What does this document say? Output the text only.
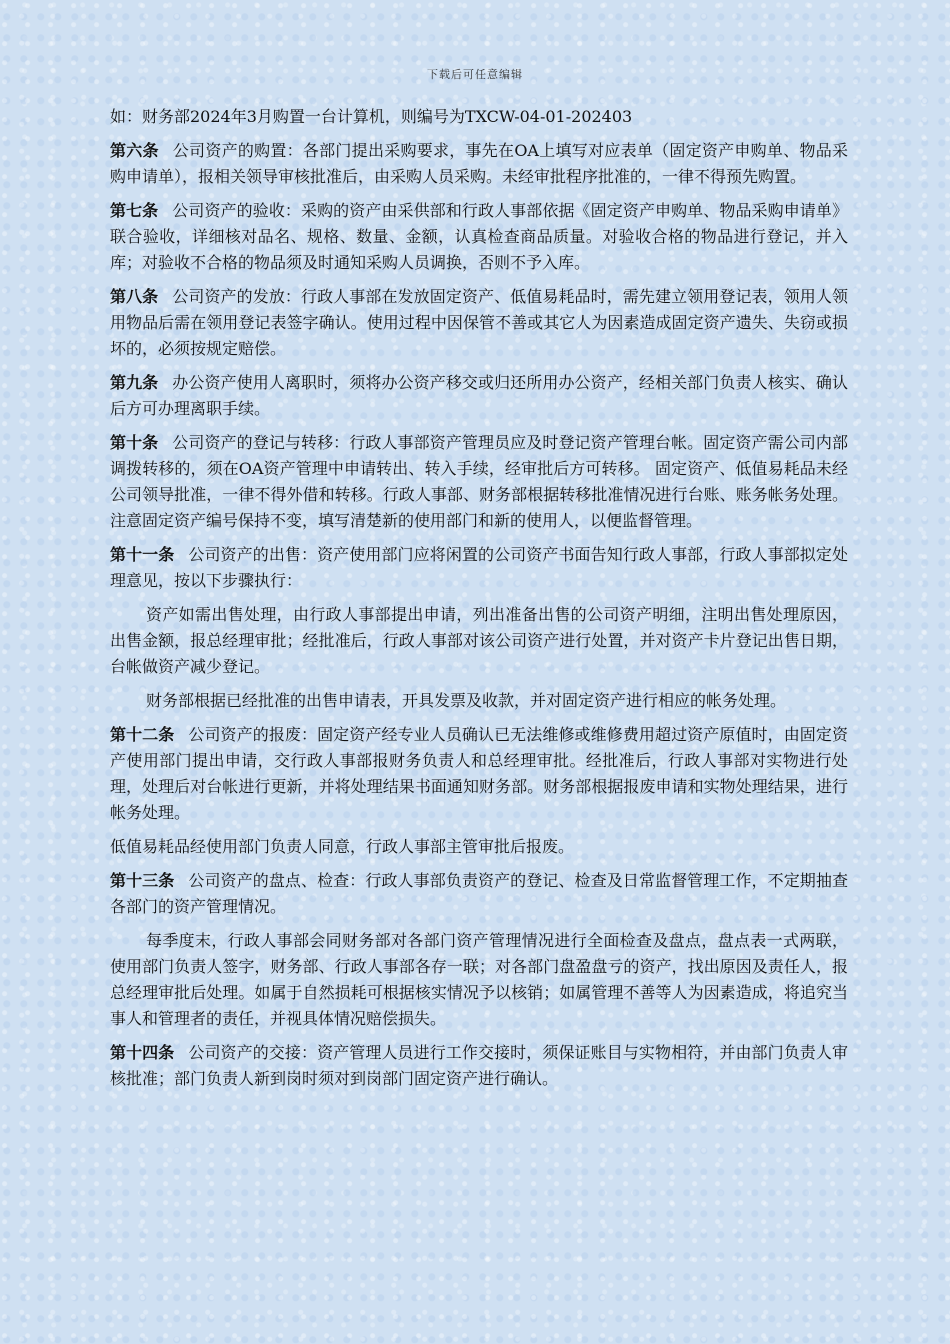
下载后可任意编辑

如：财务部2024年3月购置一台计算机，则编号为TXCW-04-01-202403

第六条 公司资产的购置：各部门提出采购要求，事先在OA上填写对应表单（固定资产申购单、物品采购申请单），报相关领导审核批准后，由采购人员采购。未经审批程序批准的，一律不得预先购置。

第七条 公司资产的验收：采购的资产由采供部和行政人事部依据《固定资产申购单、物品采购申请单》联合验收，详细核对品名、规格、数量、金额，认真检查商品质量。对验收合格的物品进行登记，并入库；对验收不合格的物品须及时通知采购人员调换，否则不予入库。

第八条 公司资产的发放：行政人事部在发放固定资产、低值易耗品时，需先建立领用登记表，领用人领用物品后需在领用登记表签字确认。使用过程中因保管不善或其它人为因素造成固定资产遗失、失窃或损坏的，必须按规定赔偿。

第九条 办公资产使用人离职时，须将办公资产移交或归还所用办公资产，经相关部门负责人核实、确认后方可办理离职手续。

第十条 公司资产的登记与转移：行政人事部资产管理员应及时登记资产管理台帐。固定资产需公司内部调拨转移的，须在OA资产管理中申请转出、转入手续，经审批后方可转移。 固定资产、低值易耗品未经公司领导批准，一律不得外借和转移。行政人事部、财务部根据转移批准情况进行台账、账务帐务处理。注意固定资产编号保持不变，填写清楚新的使用部门和新的使用人，以便监督管理。

第十一条 公司资产的出售：资产使用部门应将闲置的公司资产书面告知行政人事部，行政人事部拟定处理意见，按以下步骤执行：

资产如需出售处理，由行政人事部提出申请，列出准备出售的公司资产明细，注明出售处理原因，出售金额，报总经理审批；经批准后，行政人事部对该公司资产进行处置，并对资产卡片登记出售日期，台帐做资产减少登记。

财务部根据已经批准的出售申请表，开具发票及收款，并对固定资产进行相应的帐务处理。

第十二条 公司资产的报废：固定资产经专业人员确认已无法维修或维修费用超过资产原值时，由固定资产使用部门提出申请，交行政人事部报财务负责人和总经理审批。经批准后，行政人事部对实物进行处理，处理后对台帐进行更新，并将处理结果书面通知财务部。财务部根据报废申请和实物处理结果，进行帐务处理。

低值易耗品经使用部门负责人同意，行政人事部主管审批后报废。

第十三条 公司资产的盘点、检查：行政人事部负责资产的登记、检查及日常监督管理工作，不定期抽查各部门的资产管理情况。

每季度末，行政人事部会同财务部对各部门资产管理情况进行全面检查及盘点，盘点表一式两联，使用部门负责人签字，财务部、行政人事部各存一联；对各部门盘盈盘亏的资产，找出原因及责任人，报总经理审批后处理。如属于自然损耗可根据核实情况予以核销；如属管理不善等人为因素造成，将追究当事人和管理者的责任，并视具体情况赔偿损失。

第十四条 公司资产的交接：资产管理人员进行工作交接时，须保证账目与实物相符，并由部门负责人审核批准；部门负责人新到岗时须对到岗部门固定资产进行确认。
